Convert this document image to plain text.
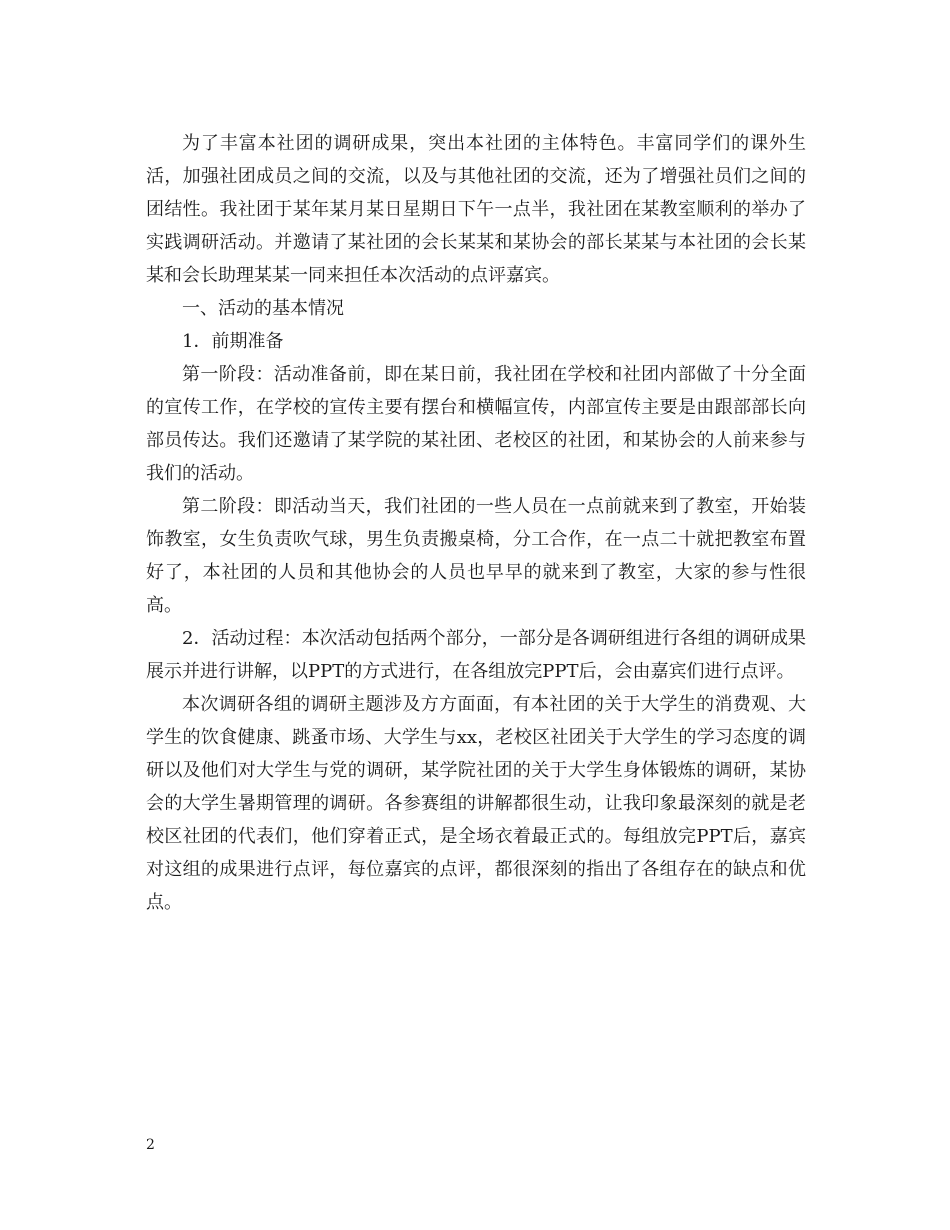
为了丰富本社团的调研成果，突出本社团的主体特色。丰富同学们的课外生活，加强社团成员之间的交流，以及与其他社团的交流，还为了增强社员们之间的团结性。我社团于某年某月某日星期日下午一点半，我社团在某教室顺利的举办了实践调研活动。并邀请了某社团的会长某某和某协会的部长某某与本社团的会长某某和会长助理某某一同来担任本次活动的点评嘉宾。

一、活动的基本情况

1．前期准备

第一阶段：活动准备前，即在某日前，我社团在学校和社团内部做了十分全面的宣传工作，在学校的宣传主要有摆台和横幅宣传，内部宣传主要是由跟部部长向部员传达。我们还邀请了某学院的某社团、老校区的社团，和某协会的人前来参与我们的活动。

第二阶段：即活动当天，我们社团的一些人员在一点前就来到了教室，开始装饰教室，女生负责吹气球，男生负责搬桌椅，分工合作，在一点二十就把教室布置好了，本社团的人员和其他协会的人员也早早的就来到了教室，大家的参与性很高。

2．活动过程：本次活动包括两个部分，一部分是各调研组进行各组的调研成果展示并进行讲解，以PPT的方式进行，在各组放完PPT后，会由嘉宾们进行点评。

本次调研各组的调研主题涉及方方面面，有本社团的关于大学生的消费观、大学生的饮食健康、跳蚤市场、大学生与xx，老校区社团关于大学生的学习态度的调研以及他们对大学生与党的调研，某学院社团的关于大学生身体锻炼的调研，某协会的大学生暑期管理的调研。各参赛组的讲解都很生动，让我印象最深刻的就是老校区社团的代表们，他们穿着正式，是全场衣着最正式的。每组放完PPT后，嘉宾对这组的成果进行点评，每位嘉宾的点评，都很深刻的指出了各组存在的缺点和优点。

2
